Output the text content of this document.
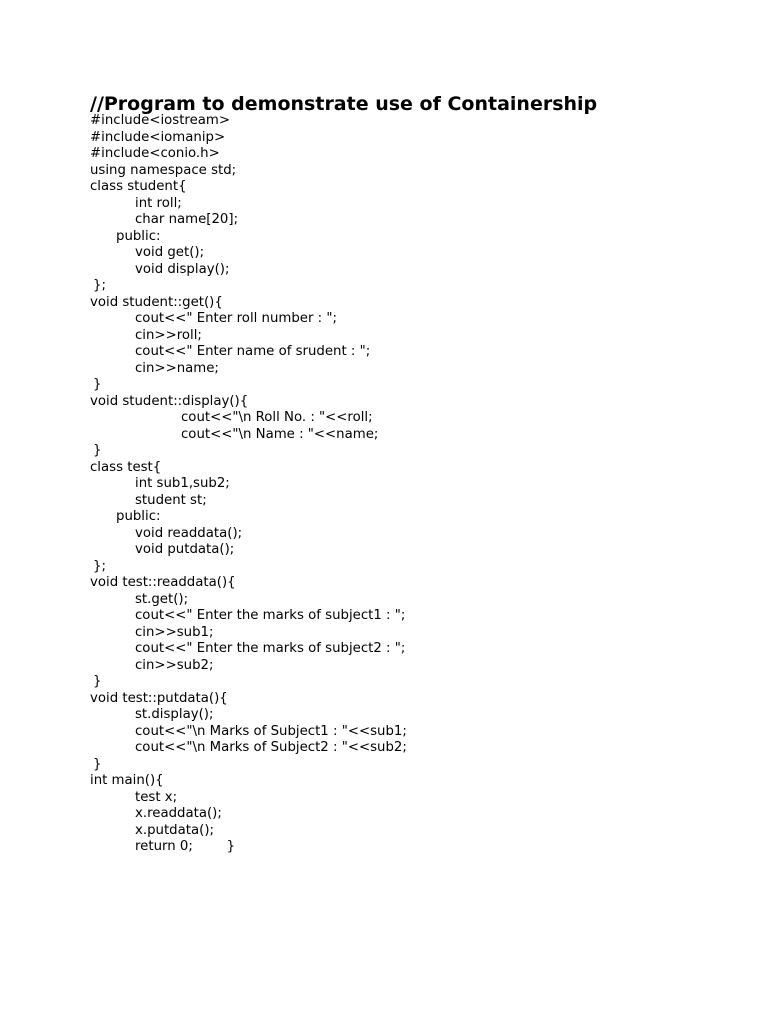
//Program to demonstrate use of Containership
#include<iostream>
#include<iomanip>
#include<conio.h>
using namespace std;
class student{
int roll;
char name[20];
public:
void get();
void display();
};
void student::get(){
cout<<" Enter roll number : ";
cin>>roll;
cout<<" Enter name of srudent : ";
cin>>name;
}
void student::display(){
cout<<"\n Roll No. : "<<roll;
cout<<"\n Name : "<<name;
}
class test{
int sub1,sub2;
student st;
public:
void readdata();
void putdata();
};
void test::readdata(){
st.get();
cout<<" Enter the marks of subject1 : ";
cin>>sub1;
cout<<" Enter the marks of subject2 : ";
cin>>sub2;
}
void test::putdata(){
st.display();
cout<<"\n Marks of Subject1 : "<<sub1;
cout<<"\n Marks of Subject2 : "<<sub2;
}
int main(){
test x;
x.readdata();
x.putdata();
return 0;        }
